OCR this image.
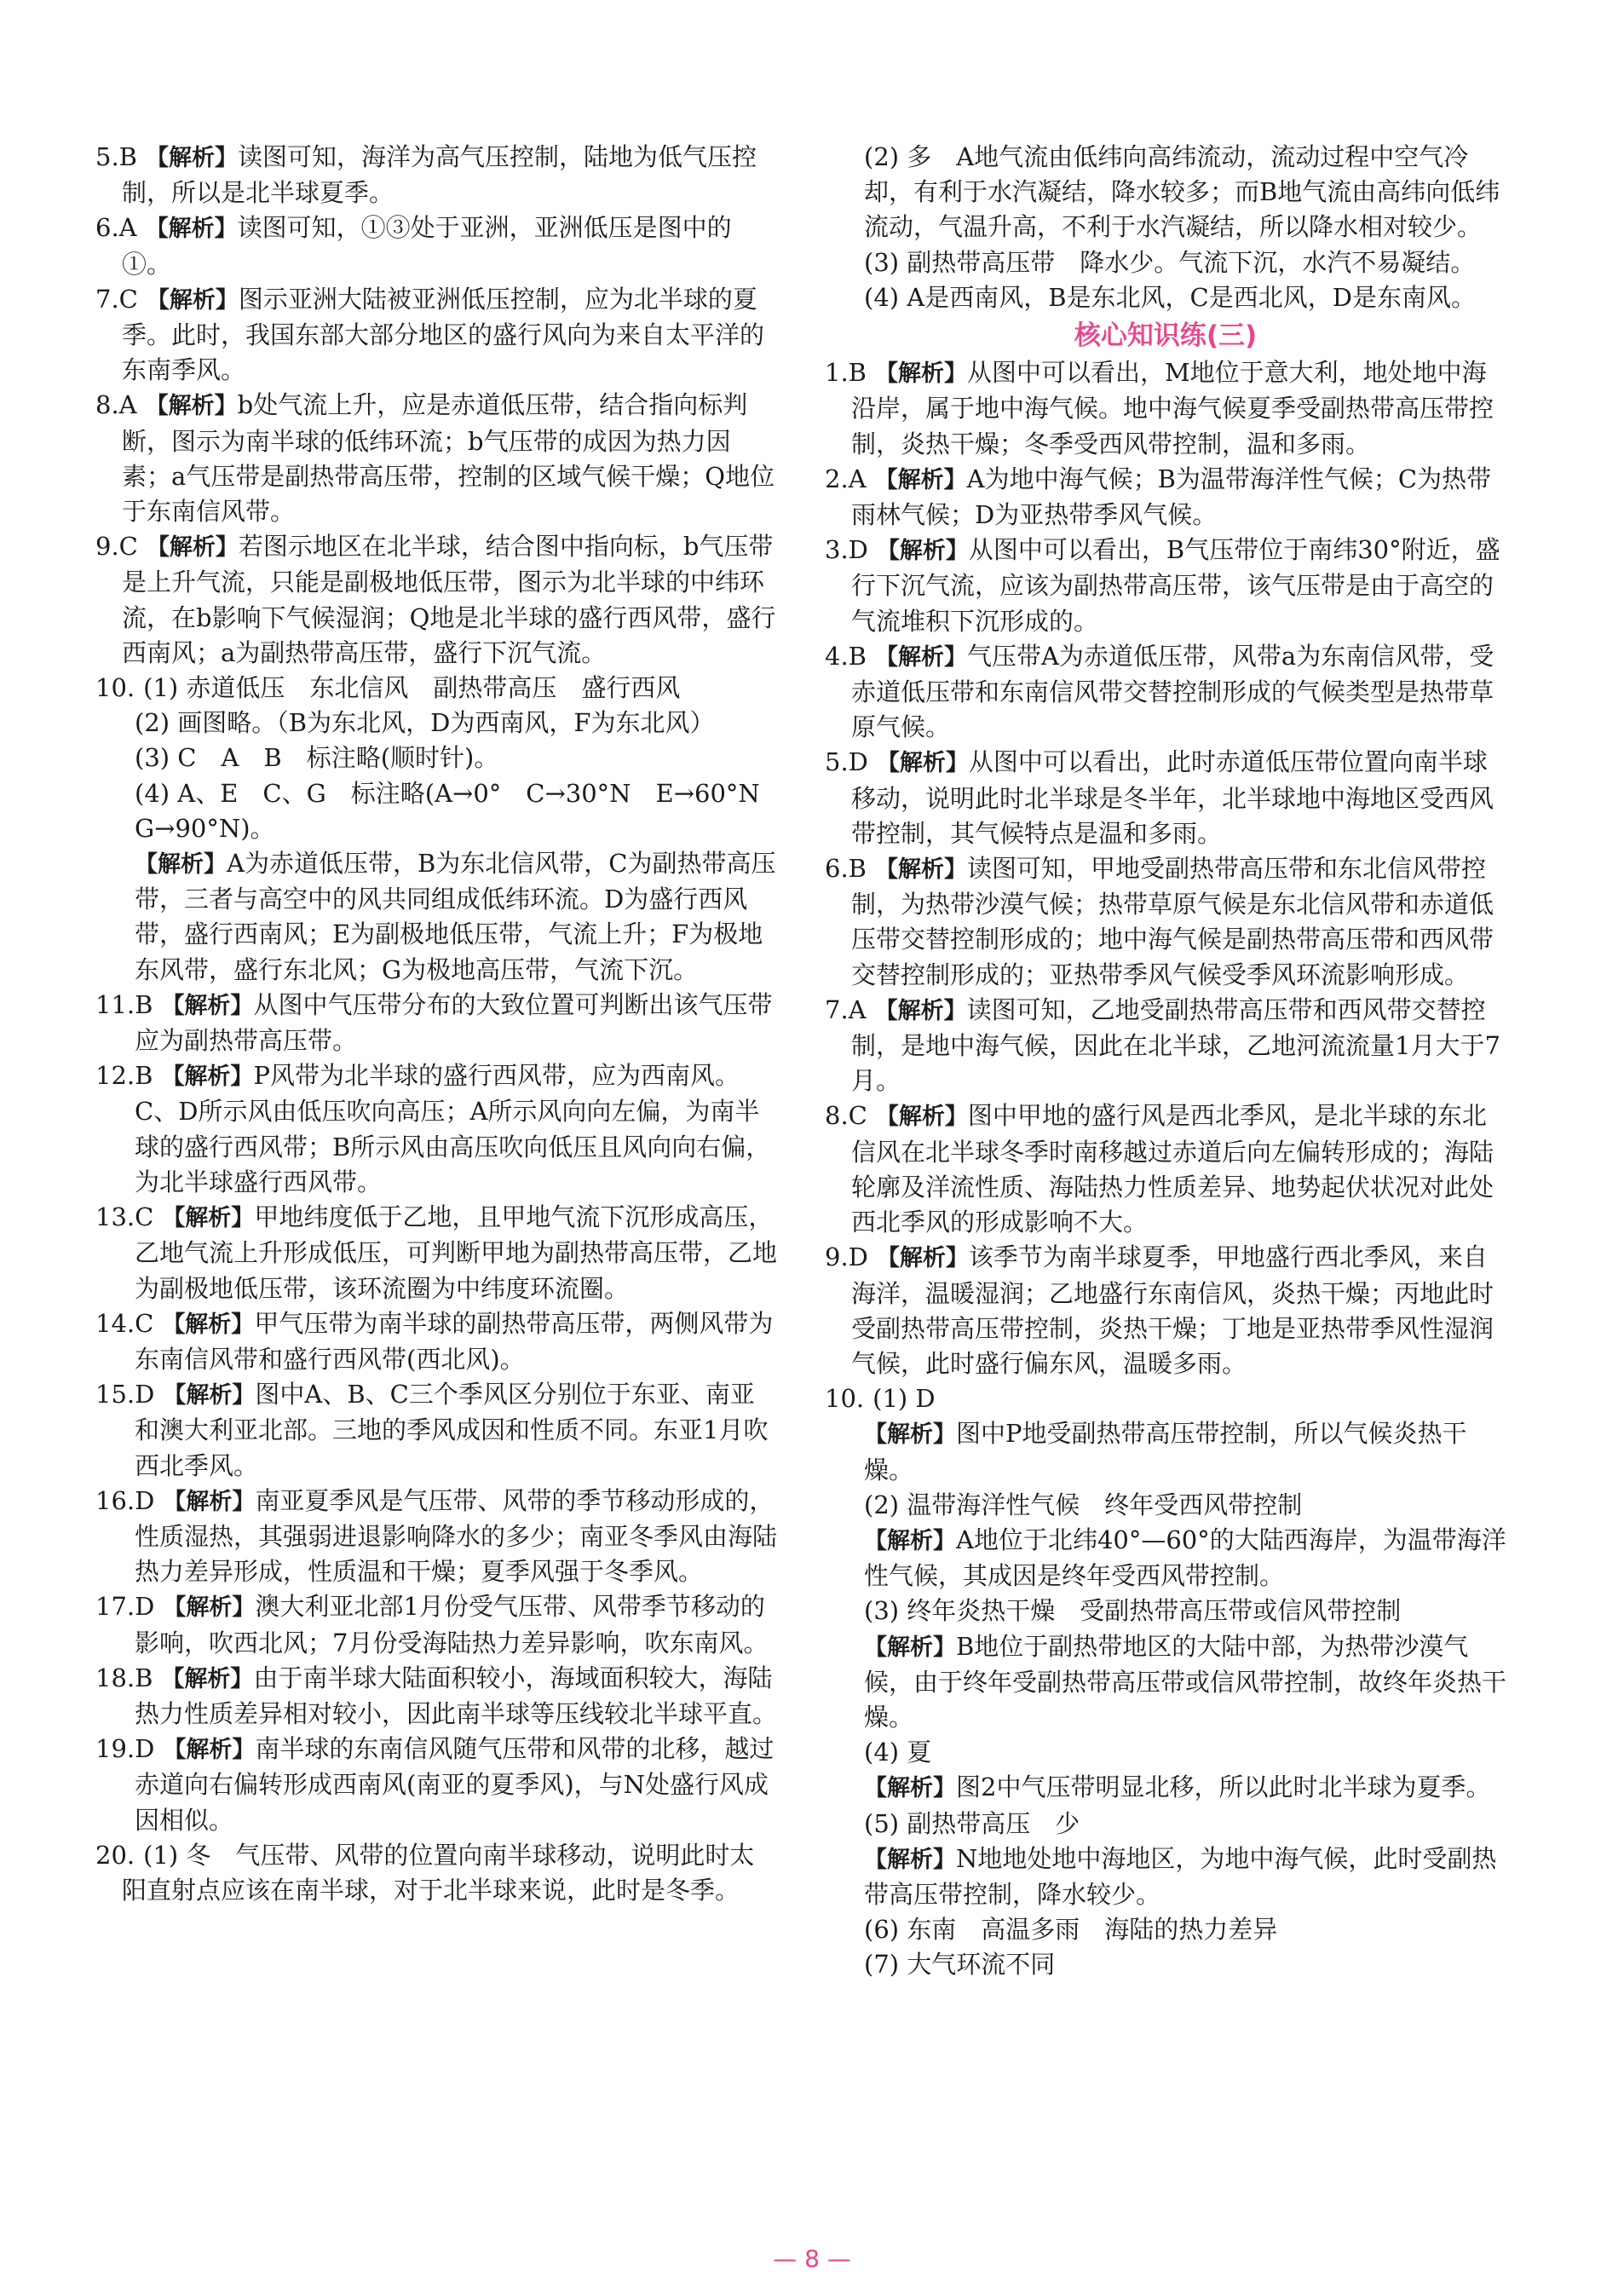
5.B 【解析】读图可知，海洋为高气压控制，陆地为低气压控制，所以是北半球夏季。
6.A 【解析】读图可知，①③处于亚洲，亚洲低压是图中的①。
7.C 【解析】图示亚洲大陆被亚洲低压控制，应为北半球的夏季。此时，我国东部大部分地区的盛行风向为来自太平洋的东南季风。
8.A 【解析】b处气流上升，应是赤道低压带，结合指向标判断，图示为南半球的低纬环流；b气压带的成因为热力因素；a气压带是副热带高压带，控制的区域气候干燥；Q地位于东南信风带。
9.C 【解析】若图示地区在北半球，结合图中指向标，b气压带是上升气流，只能是副极地低压带，图示为北半球的中纬环流，在b影响下气候湿润；Q地是北半球的盛行西风带，盛行西南风；a为副热带高压带，盛行下沉气流。
10. (1) 赤道低压　东北信风　副热带高压　盛行西风
(2) 画图略。（B为东北风，D为西南风，F为东北风）
(3) C　A　B　标注略(顺时针)。
(4) A、E　C、G　标注略(A→0°　C→30°N　E→60°N　G→90°N)。
【解析】A为赤道低压带，B为东北信风带，C为副热带高压带，三者与高空中的风共同组成低纬环流。D为盛行西风带，盛行西南风；E为副极地低压带，气流上升；F为极地东风带，盛行东北风；G为极地高压带，气流下沉。
11.B 【解析】从图中气压带分布的大致位置可判断出该气压带应为副热带高压带。
12.B 【解析】P风带为北半球的盛行西风带，应为西南风。C、D所示风由低压吹向高压；A所示风向向左偏，为南半球的盛行西风带；B所示风由高压吹向低压且风向向右偏，为北半球盛行西风带。
13.C 【解析】甲地纬度低于乙地，且甲地气流下沉形成高压，乙地气流上升形成低压，可判断甲地为副热带高压带，乙地为副极地低压带，该环流圈为中纬度环流圈。
14.C 【解析】甲气压带为南半球的副热带高压带，两侧风带为东南信风带和盛行西风带(西北风)。
15.D 【解析】图中A、B、C三个季风区分别位于东亚、南亚和澳大利亚北部。三地的季风成因和性质不同。东亚1月吹西北季风。
16.D 【解析】南亚夏季风是气压带、风带的季节移动形成的，性质湿热，其强弱进退影响降水的多少；南亚冬季风由海陆热力差异形成，性质温和干燥；夏季风强于冬季风。
17.D 【解析】澳大利亚北部1月份受气压带、风带季节移动的影响，吹西北风；7月份受海陆热力差异影响，吹东南风。
18.B 【解析】由于南半球大陆面积较小，海域面积较大，海陆热力性质差异相对较小，因此南半球等压线较北半球平直。
19.D 【解析】南半球的东南信风随气压带和风带的北移，越过赤道向右偏转形成西南风(南亚的夏季风)，与N处盛行风成因相似。
20. (1) 冬　气压带、风带的位置向南半球移动，说明此时太阳直射点应该在南半球，对于北半球来说，此时是冬季。
(2) 多　A地气流由低纬向高纬流动，流动过程中空气冷却，有利于水汽凝结，降水较多；而B地气流由高纬向低纬流动，气温升高，不利于水汽凝结，所以降水相对较少。
(3) 副热带高压带　降水少。气流下沉，水汽不易凝结。
(4) A是西南风，B是东北风，C是西北风，D是东南风。
核心知识练(三)
1.B 【解析】从图中可以看出，M地位于意大利，地处地中海沿岸，属于地中海气候。地中海气候夏季受副热带高压带控制，炎热干燥；冬季受西风带控制，温和多雨。
2.A 【解析】A为地中海气候；B为温带海洋性气候；C为热带雨林气候；D为亚热带季风气候。
3.D 【解析】从图中可以看出，B气压带位于南纬30°附近，盛行下沉气流，应该为副热带高压带，该气压带是由于高空的气流堆积下沉形成的。
4.B 【解析】气压带A为赤道低压带，风带a为东南信风带，受赤道低压带和东南信风带交替控制形成的气候类型是热带草原气候。
5.D 【解析】从图中可以看出，此时赤道低压带位置向南半球移动，说明此时北半球是冬半年，北半球地中海地区受西风带控制，其气候特点是温和多雨。
6.B 【解析】读图可知，甲地受副热带高压带和东北信风带控制，为热带沙漠气候；热带草原气候是东北信风带和赤道低压带交替控制形成的；地中海气候是副热带高压带和西风带交替控制形成的；亚热带季风气候受季风环流影响形成。
7.A 【解析】读图可知，乙地受副热带高压带和西风带交替控制，是地中海气候，因此在北半球，乙地河流流量1月大于7月。
8.C 【解析】图中甲地的盛行风是西北季风，是北半球的东北信风在北半球冬季时南移越过赤道后向左偏转形成的；海陆轮廓及洋流性质、海陆热力性质差异、地势起伏状况对此处西北季风的形成影响不大。
9.D 【解析】该季节为南半球夏季，甲地盛行西北季风，来自海洋，温暖湿润；乙地盛行东南信风，炎热干燥；丙地此时受副热带高压带控制，炎热干燥；丁地是亚热带季风性湿润气候，此时盛行偏东风，温暖多雨。
10. (1) D
【解析】图中P地受副热带高压带控制，所以气候炎热干燥。
(2) 温带海洋性气候　终年受西风带控制
【解析】A地位于北纬40°—60°的大陆西海岸，为温带海洋性气候，其成因是终年受西风带控制。
(3) 终年炎热干燥　受副热带高压带或信风带控制
【解析】B地位于副热带地区的大陆中部，为热带沙漠气候，由于终年受副热带高压带或信风带控制，故终年炎热干燥。
(4) 夏
【解析】图2中气压带明显北移，所以此时北半球为夏季。
(5) 副热带高压　少
【解析】N地地处地中海地区，为地中海气候，此时受副热带高压带控制，降水较少。
(6) 东南　高温多雨　海陆的热力差异
(7) 大气环流不同
— 8 —
